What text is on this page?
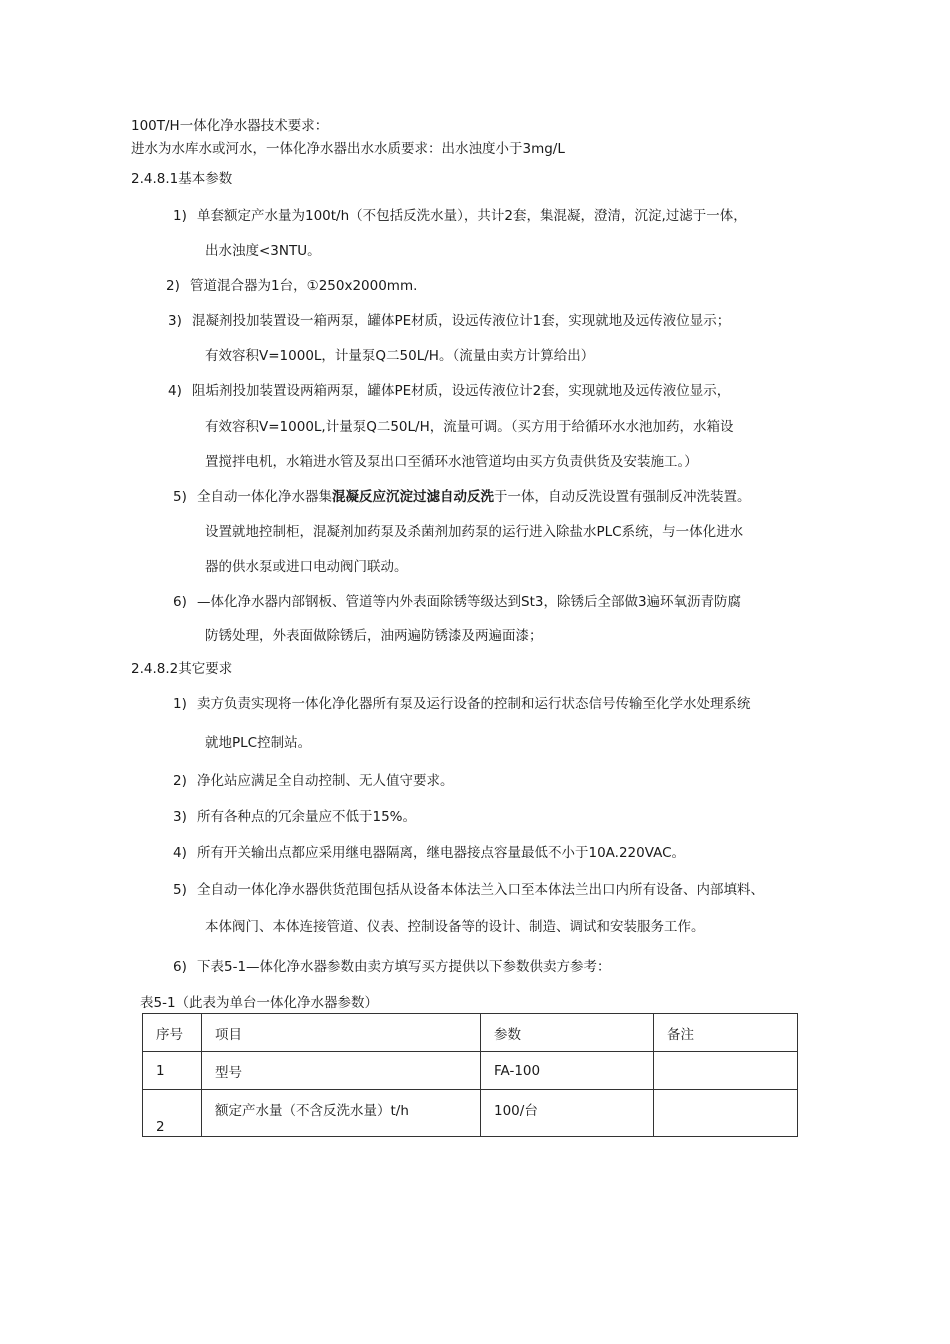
100T/H一体化净水器技术要求：
进水为水库水或河水，一体化净水器出水水质要求：出水浊度小于3mg/L
2.4.8.1基本参数
1) 单套额定产水量为100t/h（不包括反洗水量），共计2套，集混凝，澄清，沉淀,过滤于一体，
出水浊度<3NTU。
2) 管道混合器为1台，①250x2000mm.
3) 混凝剂投加装置设一箱两泵，罐体PE材质，设远传液位计1套，实现就地及远传液位显示；
有效容积V=1000L，计量泵Q二50L/H。（流量由卖方计算给出）
4) 阻垢剂投加装置设两箱两泵，罐体PE材质，设远传液位计2套，实现就地及远传液位显示，
有效容积V=1000L,计量泵Q二50L/H，流量可调。（买方用于给循环水水池加药，水箱设
置搅拌电机，水箱进水管及泵出口至循环水池管道均由买方负责供货及安装施工。）
5) 全自动一体化净水器集混凝反应沉淀过滤自动反洗于一体，自动反洗设置有强制反冲洗装置。
设置就地控制柜，混凝剂加药泵及杀菌剂加药泵的运行进入除盐水PLC系统，与一体化进水
器的供水泵或进口电动阀门联动。
6) —体化净水器内部钢板、管道等内外表面除锈等级达到St3，除锈后全部做3遍环氧沥青防腐
防锈处理，外表面做除锈后，油两遍防锈漆及两遍面漆；
2.4.8.2其它要求
1) 卖方负责实现将一体化净化器所有泵及运行设备的控制和运行状态信号传输至化学水处理系统
就地PLC控制站。
2) 净化站应满足全自动控制、无人值守要求。
3) 所有各种点的冗余量应不低于15%。
4) 所有开关输出点都应采用继电器隔离，继电器接点容量最低不小于10A.220VAC。
5) 全自动一体化净水器供货范围包括从设备本体法兰入口至本体法兰出口内所有设备、内部填料、
本体阀门、本体连接管道、仪表、控制设备等的设计、制造、调试和安装服务工作。
6) 下表5-1—体化净水器参数由卖方填写买方提供以下参数供卖方参考：
表5-1（此表为单台一体化净水器参数）
序号	项目	参数	备注
1	型号	FA-100	
2	额定产水量（不含反洗水量）t/h	100/台	
